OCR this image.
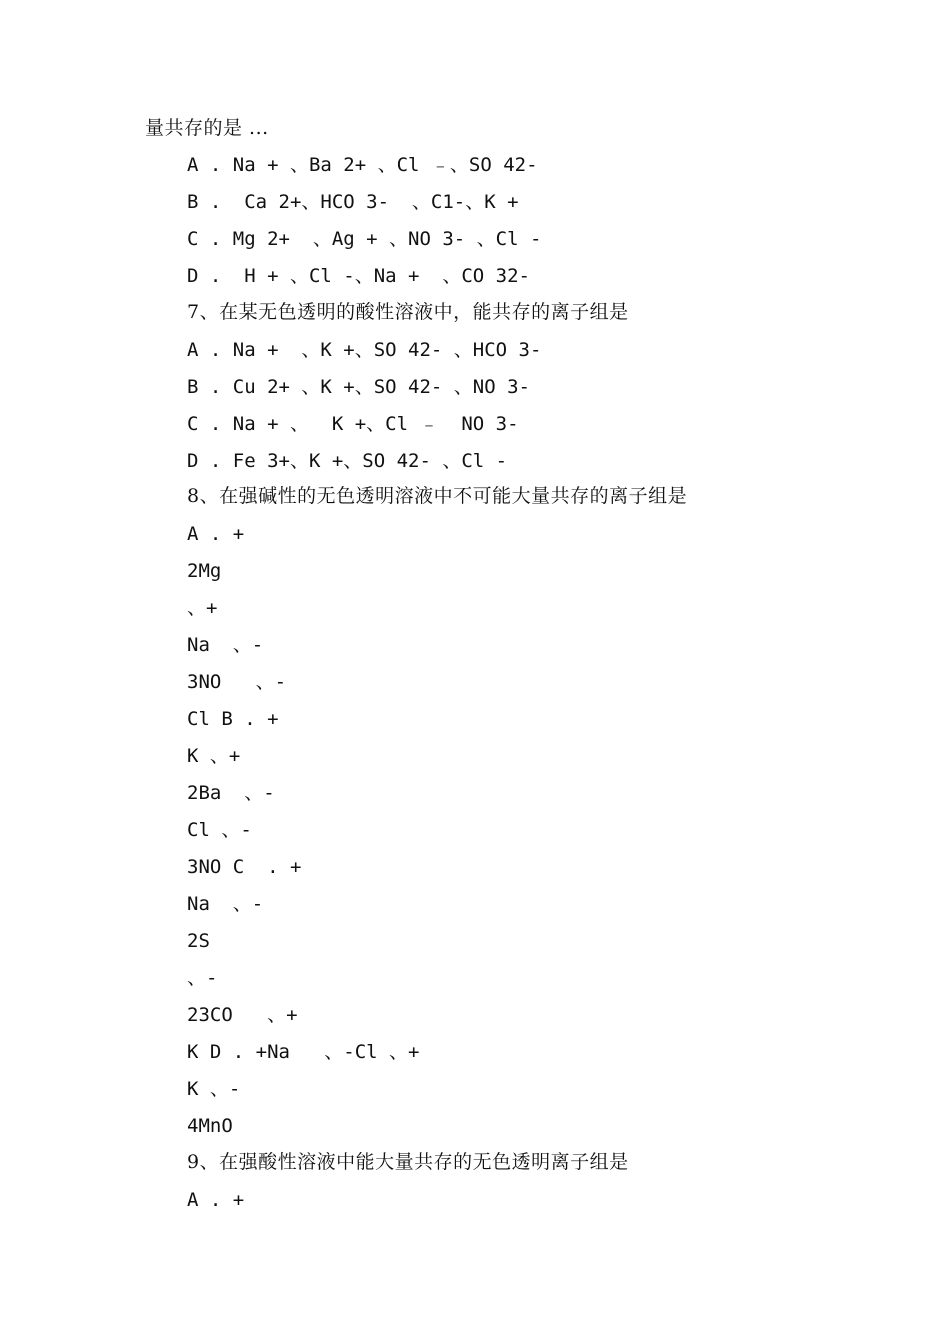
量共存的是 ...
A . Na + 、Ba 2+ 、Cl ﹣、SO 42-
B .  Ca 2+、HCO 3-  、C1-、K +
C . Mg 2+  、Ag + 、NO 3- 、Cl -
D .  H + 、Cl -、Na +  、CO 32-
7、在某无色透明的酸性溶液中，能共存的离子组是
A . Na +  、K +、SO 42- 、HCO 3-
B . Cu 2+ 、K +、SO 42- 、NO 3-
C . Na + 、  K +、Cl ﹣  NO 3-
D . Fe 3+、K +、SO 42- 、Cl -
8、在强碱性的无色透明溶液中不可能大量共存的离子组是
A . +
2Mg
、+
Na  、-
3NO   、-
Cl B . +
K 、+
2Ba  、-
Cl 、-
3NO C  . +
Na  、-
2S
、-
23CO   、+
K D . +Na   、-Cl 、+
K 、-
4MnO
9、在强酸性溶液中能大量共存的无色透明离子组是
A . +
